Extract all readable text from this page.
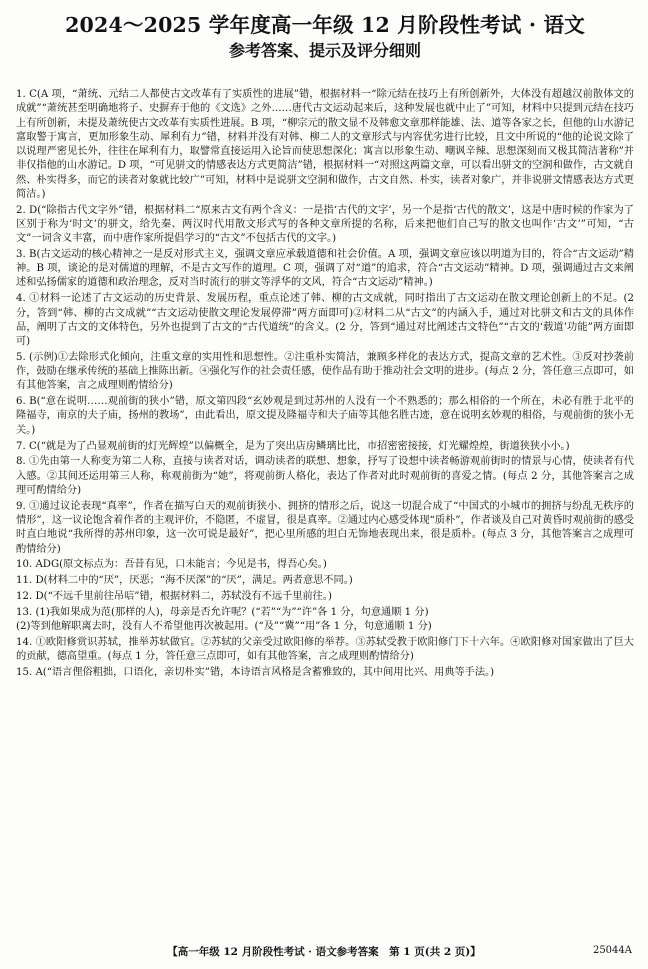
2024～2025 学年度高一年级 12 月阶段性考试 · 语文
参考答案、提示及评分细则

1. C(A 项，“萧统、元结二人都使古文改革有了实质性的进展”错，根据材料一“除元结在技巧上有所创新外，大体没有超越汉前散体文的成就”“萧统甚至明确地将子、史摒弃于他的《文选》之外……唐代古文运动起来后，这种发展也就中止了”可知，材料中只提到元结在技巧上有所创新，未提及萧统使古文改革有实质性进展。B 项，“柳宗元的散文显不及韩愈文章那样能雄、法、道等各家之长，但他的山水游记富取警于寓言，更加形象生动、犀利有力”错，材料并没有对韩、柳二人的文章形式与内容优劣进行比较，且文中所说的“他的论说文除了以说理严密见长外，往往在犀利有力，取譬常直接运用入论旨而使思想深化；寓言以形象生动、嘲讽辛辣、思想深刻而又极其简洁著称”并非仅指他的山水游记。D 项，“可见骈文的情感表达方式更简洁”错，根据材料一“对照这两篇文章，可以看出骈文的空洞和做作，古文就自然、朴实得多，而它的读者对象就比较广”可知，材料中是说骈文空洞和做作，古文自然、朴实，读者对象广，并非说骈文情感表达方式更简洁。)

2. D(“除指古代文字外”错，根据材料二“原来古文有两个含义：一是指‘古代的文字’，另一个是指‘古代的散文’，这是中唐时候的作家为了区别于称为‘时文’的骈文，给先秦、两汉时代用散文形式写的各种文章所提的名称，后来把他们自己写的散文也叫作‘古文’”可知，“古文”一词含义丰富，而中唐作家所提倡学习的“古文”不包括古代的文字。)

3. B(古文运动的核心精神之一是反对形式主义，强调文章应承载道德和社会价值。A 项，强调文章应该以明道为目的，符合“古文运动”精神。B 项，谈论的是对儒道的理解，不是古文写作的道理。C 项，强调了对“道”的追求，符合“古文运动”精神。D 项，强调通过古文来阐述和弘扬儒家的道德和政治理念，反对当时流行的骈文等浮华的文风，符合“古文运动”精神。)

4. ①材料一论述了古文运动的历史背景、发展历程，重点论述了韩、柳的古文成就，同时指出了古文运动在散文理论创新上的不足。(2 分，答到“韩、柳的古文成就”“古文运动使散文理论发展停滞”两方面即可)②材料二从“古文”的内涵入手，通过对比骈文和古文的具体作品，阐明了古文的文体特色，另外也提到了古文的“古代道统”的含义。(2 分，答到“通过对比阐述古文特色”“古文的‘载道’功能”两方面即可)

5. (示例)①去除形式化倾向，注重文章的实用性和思想性。②注重朴实简洁，兼顾多样化的表达方式，提高文章的艺术性。③反对抄袭前作，鼓励在继承传统的基础上推陈出新。④强化写作的社会责任感，使作品有助于推动社会文明的进步。(每点 2 分，答任意三点即可，如有其他答案，言之成理则酌情给分)

6. B(“意在说明……观前街的狭小”错，原文第四段“玄妙观是到过苏州的人没有一个不熟悉的；那么相俗的一个所在，未必有胜于北平的隆福寺，南京的夫子庙，扬州的教场”，由此看出，原文提及隆福寺和夫子庙等其他名胜古迹，意在说明玄妙观的相俗，与观前街的狭小无关。)

7. C(“就是为了凸显观前街的灯光辉煌”以偏概全，是为了突出店房鳞璃比比，市招密密接接，灯光耀煌煌，街道狭狭小小。)

8. ①先由第一人称变为第二人称，直接与读者对话，调动读者的联想、想象，抒写了设想中读者畅游观前街时的情景与心情，使读者有代入感。②其间还运用第三人称，称观前街为“她”，将观前街人格化，表达了作者对此时观前街的喜爱之情。(每点 2 分，其他答案言之成理可酌情给分)

9. ①通过议论表现“真率”，作者在描写白天的观前街狭小、拥挤的情形之后，说这一切混合成了“中国式的小城市的拥挤与纷乱无秩序的情形”，这一议论饱含着作者的主观评价，不隐匿，不虚冒，很是真率。②通过内心感受体现“质朴”，作者谈及自己对黄昏时观前街的感受时直白地说“我所得的苏州印象，这一次可说是最好”，把心里所感的坦白无饰地表现出来，很是质朴。(每点 3 分，其他答案言之成理可酌情给分)

10. ADG(原文标点为：吾昔有见，口未能言；今见是书，得吾心矣。)

11. D(材料二中的“厌”，厌恶；“海不厌深”的“厌”，满足。两者意思不同。)

12. D(“不远千里前往吊唁”错，根据材料二，苏轼没有不远千里前往。)

13. (1)我如果成为范(那样的人)，母亲是否允许呢？(“若”“为”“许”各 1 分，句意通顺 1 分)
(2)等到他解职离去时，没有人不希望他再次被起用。(“及”“冀”“用”各 1 分，句意通顺 1 分)

14. ①欧阳修赏识苏轼，推举苏轼做官。②苏轼的父亲受过欧阳修的举荐。③苏轼受教于欧阳修门下十六年。④欧阳修对国家做出了巨大的贡献，德高望重。(每点 1 分，答任意三点即可，如有其他答案，言之成理则酌情给分)

15. A(“语言俚俗粗拙，口语化，亲切朴实”错，本诗语言风格是含蓄雅致的，其中间用比兴、用典等手法。)

【高一年级 12 月阶段性考试 · 语文参考答案　第 1 页(共 2 页)】	25044A
